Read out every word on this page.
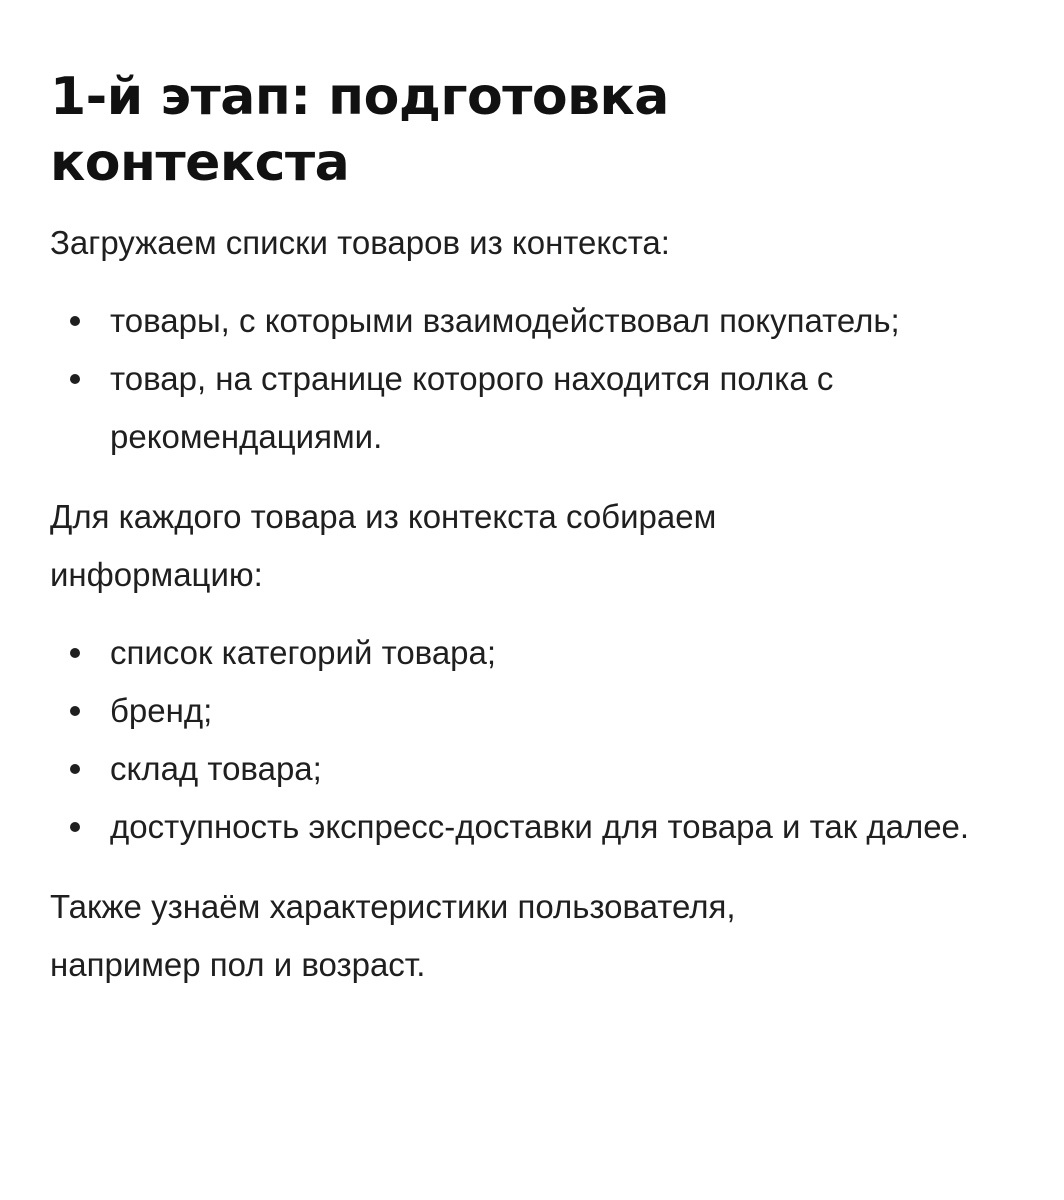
1-й этап: подготовка контекста

Загружаем списки товаров из контекста:

товары, с которыми взаимодействовал покупатель;
товар, на странице которого находится полка с рекомендациями.

Для каждого товара из контекста собираем информацию:

список категорий товара;
бренд;
склад товара;
доступность экспресс-доставки для товара и так далее.

Также узнаём характеристики пользователя, например пол и возраст.
